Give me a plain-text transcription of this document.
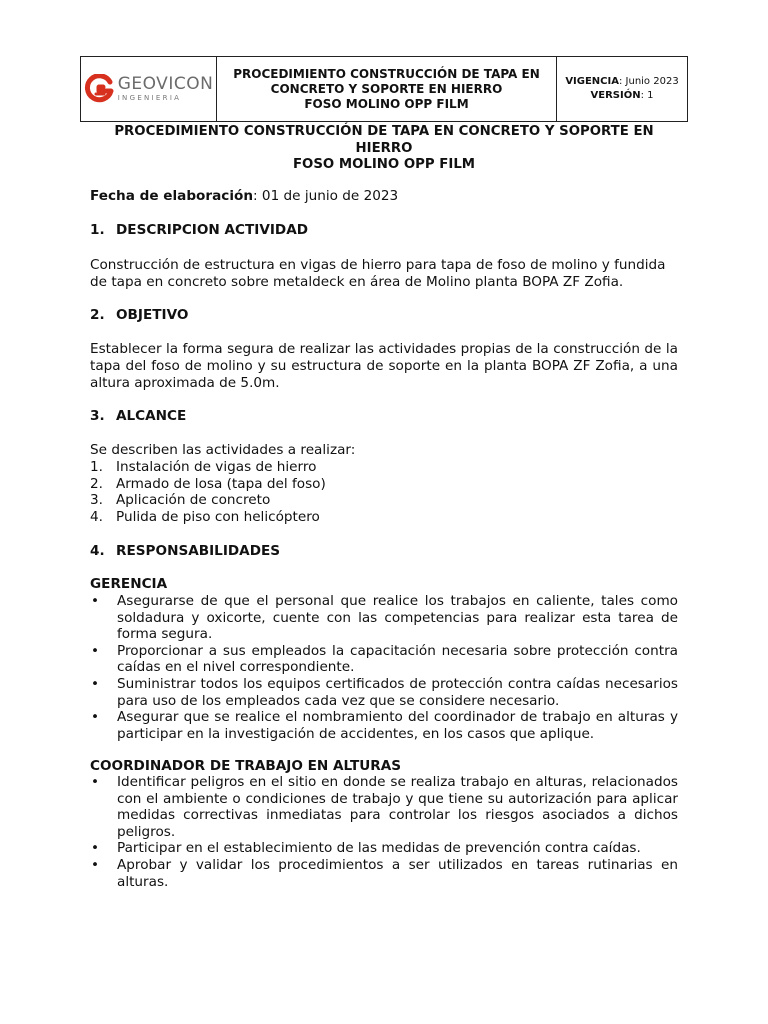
GEOVICON
INGENIERIA
PROCEDIMIENTO CONSTRUCCIÓN DE TAPA EN
CONCRETO Y SOPORTE EN HIERRO
FOSO MOLINO OPP FILM
VIGENCIA: Junio 2023
VERSIÓN: 1
PROCEDIMIENTO CONSTRUCCIÓN DE TAPA EN CONCRETO Y SOPORTE EN
HIERRO
FOSO MOLINO OPP FILM
Fecha de elaboración: 01 de junio de 2023
1. DESCRIPCION ACTIVIDAD
Construcción de estructura en vigas de hierro para tapa de foso de molino y fundida de tapa en concreto sobre metaldeck en área de Molino planta BOPA ZF Zofia.
2. OBJETIVO
Establecer la forma segura de realizar las actividades propias de la construcción de la tapa del foso de molino y su estructura de soporte en la planta BOPA ZF Zofia, a una altura aproximada de 5.0m.
3. ALCANCE
Se describen las actividades a realizar:
1. Instalación de vigas de hierro
2. Armado de losa (tapa del foso)
3. Aplicación de concreto
4. Pulida de piso con helicóptero
4. RESPONSABILIDADES
GERENCIA
•	Asegurarse de que el personal que realice los trabajos en caliente, tales como soldadura y oxicorte, cuente con las competencias para realizar esta tarea de forma segura.
•	Proporcionar a sus empleados la capacitación necesaria sobre protección contra caídas en el nivel correspondiente.
•	Suministrar todos los equipos certificados de protección contra caídas necesarios para uso de los empleados cada vez que se considere necesario.
•	Asegurar que se realice el nombramiento del coordinador de trabajo en alturas y participar en la investigación de accidentes, en los casos que aplique.
COORDINADOR DE TRABAJO EN ALTURAS
•	Identificar peligros en el sitio en donde se realiza trabajo en alturas, relacionados con el ambiente o condiciones de trabajo y que tiene su autorización para aplicar medidas correctivas inmediatas para controlar los riesgos asociados a dichos peligros.
•	Participar en el establecimiento de las medidas de prevención contra caídas.
•	Aprobar y validar los procedimientos a ser utilizados en tareas rutinarias en alturas.
